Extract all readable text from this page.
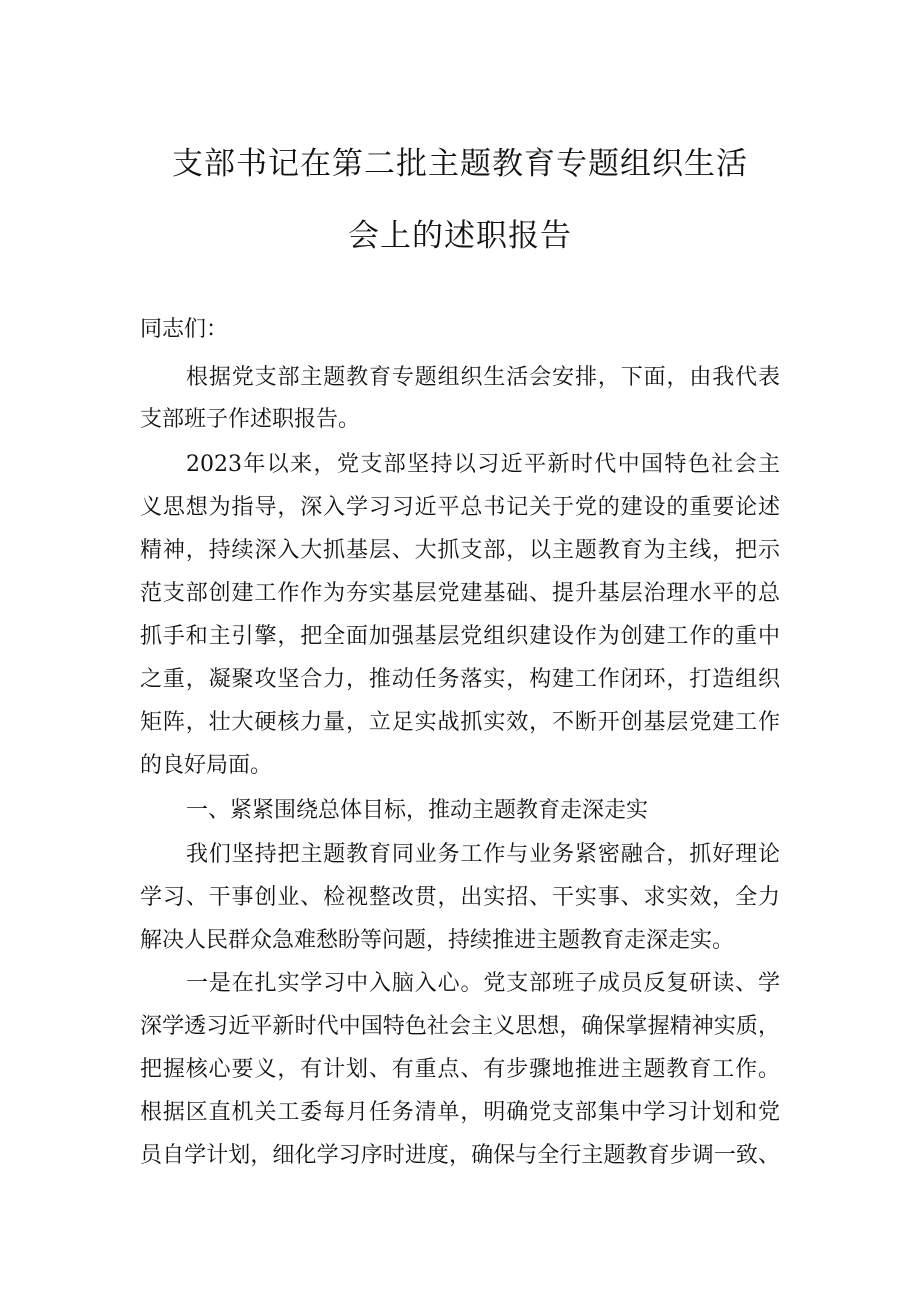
支部书记在第二批主题教育专题组织生活
会上的述职报告
同志们：
根据党支部主题教育专题组织生活会安排，下面，由我代表
支部班子作述职报告。
2023年以来，党支部坚持以习近平新时代中国特色社会主
义思想为指导，深入学习习近平总书记关于党的建设的重要论述
精神，持续深入大抓基层、大抓支部，以主题教育为主线，把示
范支部创建工作作为夯实基层党建基础、提升基层治理水平的总
抓手和主引擎，把全面加强基层党组织建设作为创建工作的重中
之重，凝聚攻坚合力，推动任务落实，构建工作闭环，打造组织
矩阵，壮大硬核力量，立足实战抓实效，不断开创基层党建工作
的良好局面。
一、紧紧围绕总体目标，推动主题教育走深走实
我们坚持把主题教育同业务工作与业务紧密融合，抓好理论
学习、干事创业、检视整改贯，出实招、干实事、求实效，全力
解决人民群众急难愁盼等问题，持续推进主题教育走深走实。
一是在扎实学习中入脑入心。党支部班子成员反复研读、学
深学透习近平新时代中国特色社会主义思想，确保掌握精神实质，
把握核心要义，有计划、有重点、有步骤地推进主题教育工作。
根据区直机关工委每月任务清单，明确党支部集中学习计划和党
员自学计划，细化学习序时进度，确保与全行主题教育步调一致、
